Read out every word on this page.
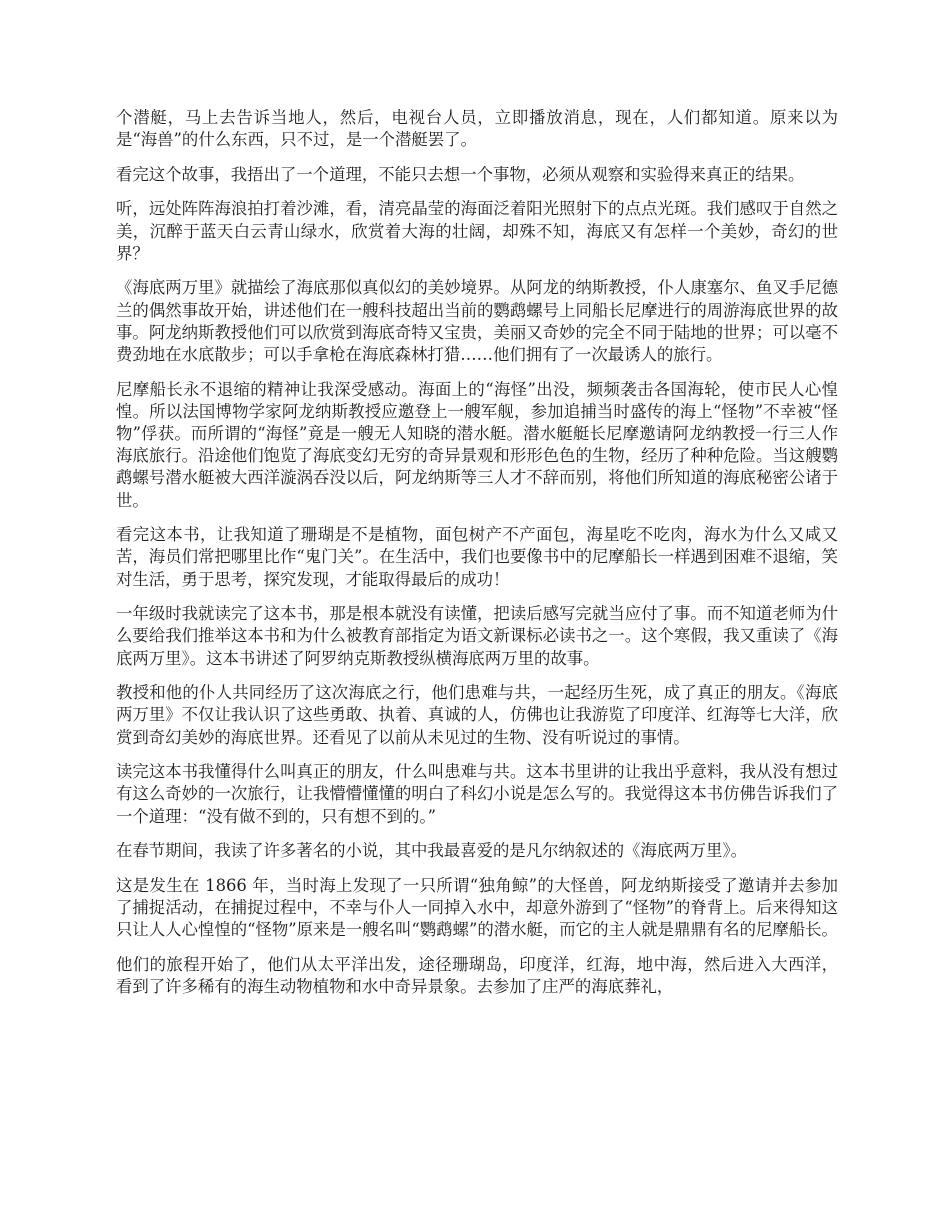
个潜艇，马上去告诉当地人，然后，电视台人员，立即播放消息，现在，人们都知道。原来以为是“海兽”的什么东西，只不过，是一个潜艇罢了。

看完这个故事，我捂出了一个道理，不能只去想一个事物，必须从观察和实验得来真正的结果。

听，远处阵阵海浪拍打着沙滩，看，清亮晶莹的海面泛着阳光照射下的点点光斑。我们感叹于自然之美，沉醉于蓝天白云青山绿水，欣赏着大海的壮阔，却殊不知，海底又有怎样一个美妙，奇幻的世界？

《海底两万里》就描绘了海底那似真似幻的美妙境界。从阿龙的纳斯教授，仆人康塞尔、鱼叉手尼德兰的偶然事故开始，讲述他们在一艘科技超出当前的鹦鹉螺号上同船长尼摩进行的周游海底世界的故事。阿龙纳斯教授他们可以欣赏到海底奇特又宝贵，美丽又奇妙的完全不同于陆地的世界；可以毫不费劲地在水底散步；可以手拿枪在海底森林打猎……他们拥有了一次最诱人的旅行。

尼摩船长永不退缩的精神让我深受感动。海面上的“海怪”出没，频频袭击各国海轮，使市民人心惶惶。所以法国博物学家阿龙纳斯教授应邀登上一艘军舰，参加追捕当时盛传的海上“怪物”不幸被“怪物”俘获。而所谓的“海怪”竟是一艘无人知晓的潜水艇。潜水艇艇长尼摩邀请阿龙纳教授一行三人作海底旅行。沿途他们饱览了海底变幻无穷的奇异景观和形形色色的生物，经历了种种危险。当这艘鹦鹉螺号潜水艇被大西洋漩涡吞没以后，阿龙纳斯等三人才不辞而别，将他们所知道的海底秘密公诸于世。

看完这本书，让我知道了珊瑚是不是植物，面包树产不产面包，海星吃不吃肉，海水为什么又咸又苦，海员们常把哪里比作“鬼门关”。在生活中，我们也要像书中的尼摩船长一样遇到困难不退缩，笑对生活，勇于思考，探究发现，才能取得最后的成功！

一年级时我就读完了这本书，那是根本就没有读懂，把读后感写完就当应付了事。而不知道老师为什么要给我们推举这本书和为什么被教育部指定为语文新课标必读书之一。这个寒假，我又重读了《海底两万里》。这本书讲述了阿罗纳克斯教授纵横海底两万里的故事。

教授和他的仆人共同经历了这次海底之行，他们患难与共，一起经历生死，成了真正的朋友。《海底两万里》不仅让我认识了这些勇敢、执着、真诚的人，仿佛也让我游览了印度洋、红海等七大洋，欣赏到奇幻美妙的海底世界。还看见了以前从未见过的生物、没有听说过的事情。

读完这本书我懂得什么叫真正的朋友，什么叫患难与共。这本书里讲的让我出乎意料，我从没有想过有这么奇妙的一次旅行，让我懵懵懂懂的明白了科幻小说是怎么写的。我觉得这本书仿佛告诉我们了一个道理：“没有做不到的，只有想不到的。”

在春节期间，我读了许多著名的小说，其中我最喜爱的是凡尔纳叙述的《海底两万里》。

这是发生在 1866 年，当时海上发现了一只所谓“独角鲸”的大怪兽，阿龙纳斯接受了邀请并去参加了捕捉活动，在捕捉过程中，不幸与仆人一同掉入水中，却意外游到了“怪物”的脊背上。后来得知这只让人人心惶惶的“怪物”原来是一艘名叫“鹦鹉螺”的潜水艇，而它的主人就是鼎鼎有名的尼摩船长。

他们的旅程开始了，他们从太平洋出发，途径珊瑚岛，印度洋，红海，地中海，然后进入大西洋， 看到了许多稀有的海生动物植物和水中奇异景象。去参加了庄严的海底葬礼，
